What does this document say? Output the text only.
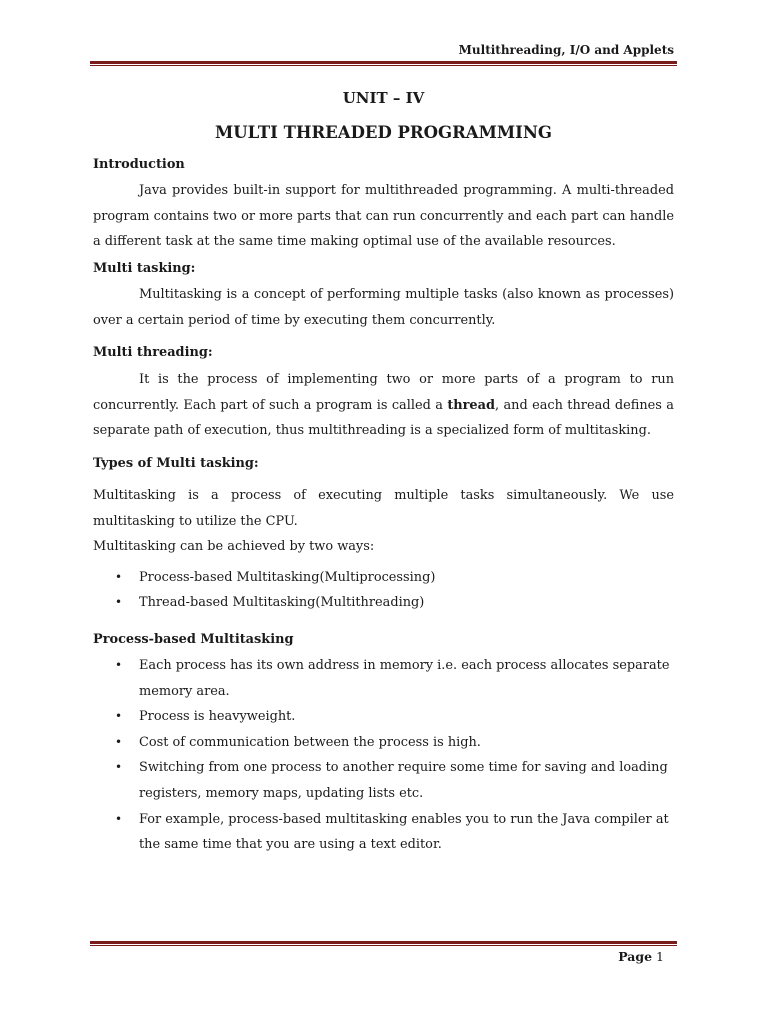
Multithreading, I/O and Applets
UNIT – IV
MULTI THREADED PROGRAMMING
Introduction

Java provides built-in support for multithreaded programming. A multi-threaded program contains two or more parts that can run concurrently and each part can handle a different task at the same time making optimal use of the available resources.

Multi tasking:

Multitasking is a concept of performing multiple tasks (also known as processes) over a certain period of time by executing them concurrently.

Multi threading:

It is the process of implementing two or more parts of a program to run concurrently. Each part of such a program is called a thread, and each thread defines a separate path of execution, thus multithreading is a specialized form of multitasking.

Types of Multi tasking:

Multitasking is a process of executing multiple tasks simultaneously. We use multitasking to utilize the CPU.

Multitasking can be achieved by two ways:

• Process-based Multitasking(Multiprocessing)
• Thread-based Multitasking(Multithreading)
Process-based Multitasking
• Each process has its own address in memory i.e. each process allocates separate memory area.
• Process is heavyweight.
• Cost of communication between the process is high.
• Switching from one process to another require some time for saving and loading registers, memory maps, updating lists etc.
• For example, process-based multitasking enables you to run the Java compiler at the same time that you are using a text editor.
Page 1
